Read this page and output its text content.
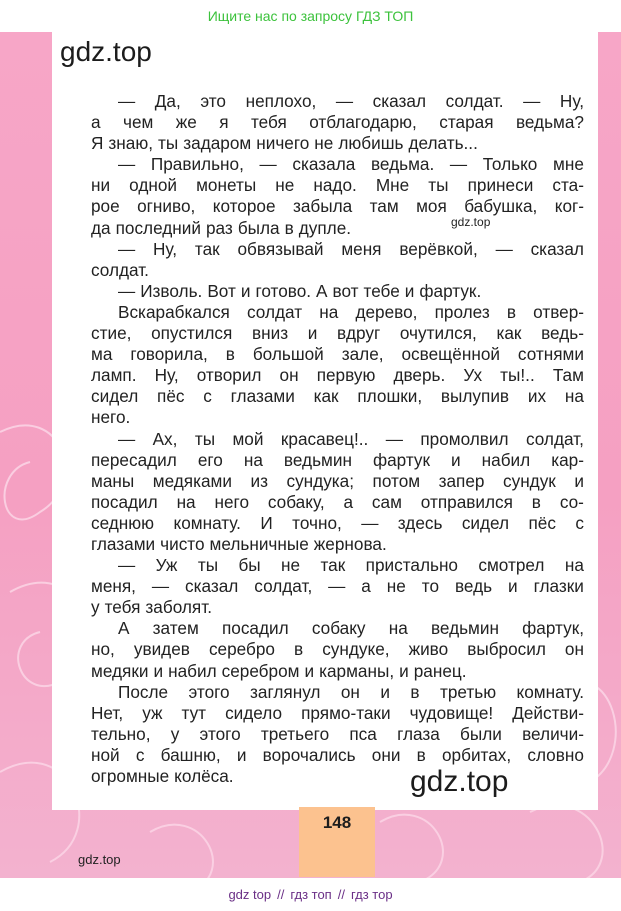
Ищите нас по запросу ГДЗ ТОП
gdz.top
gdz.top
— Да, это неплохо, — сказал солдат. — Ну,
а чем же я тебя отблагодарю, старая ведьма?
Я знаю, ты задаром ничего не любишь делать...
— Правильно, — сказала ведьма. — Только мне
ни одной монеты не надо. Мне ты принеси ста-
рое огниво, которое забыла там моя бабушка, ког-
да последний раз была в дупле.
— Ну, так обвязывай меня верёвкой, — сказал
солдат.
— Изволь. Вот и готово. А вот тебе и фартук.
Вскарабкался солдат на дерево, пролез в отвер-
стие, опустился вниз и вдруг очутился, как ведь-
ма говорила, в большой зале, освещённой сотнями
ламп. Ну, отворил он первую дверь. Ух ты!.. Там
сидел пёс с глазами как плошки, вылупив их на
него.
— Ах, ты мой красавец!.. — промолвил солдат,
пересадил его на ведьмин фартук и набил кар-
маны медяками из сундука; потом запер сундук и
посадил на него собаку, а сам отправился в со-
седнюю комнату. И точно, — здесь сидел пёс с
глазами чисто мельничные жернова.
— Уж ты бы не так пристально смотрел на
меня, — сказал солдат, — а не то ведь и глазки
у тебя заболят.
А затем посадил собаку на ведьмин фартук,
но, увидев серебро в сундуке, живо выбросил он
медяки и набил серебром и карманы, и ранец.
После этого заглянул он и в третью комнату.
Нет, уж тут сидело прямо-таки чудовище! Действи-
тельно, у этого третьего пса глаза были величи-
ной с башню, и ворочались они в орбитах, словно
огромные колёса.	gdz.top
148
gdz.top
gdz top // гдз топ // гдз тор
